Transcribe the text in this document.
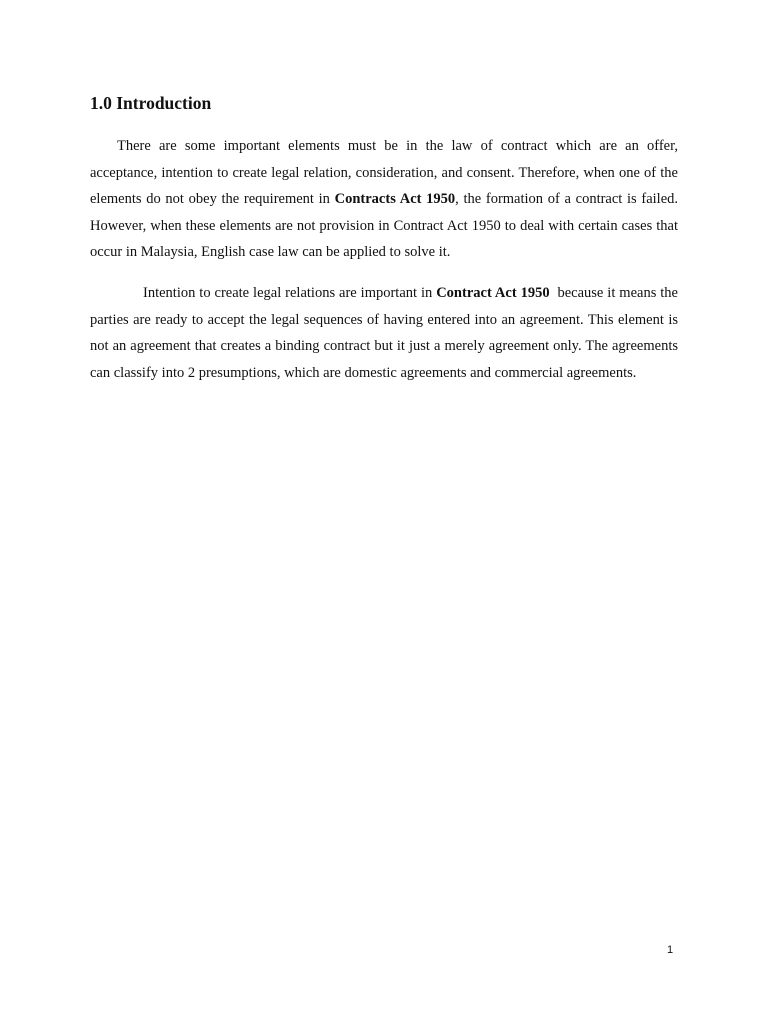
1.0 Introduction

There are some important elements must be in the law of contract which are an offer, acceptance, intention to create legal relation, consideration, and consent. Therefore, when one of the elements do not obey the requirement in Contracts Act 1950, the formation of a contract is failed. However, when these elements are not provision in Contract Act 1950 to deal with certain cases that occur in Malaysia, English case law can be applied to solve it.

Intention to create legal relations are important in Contract Act 1950  because it means the parties are ready to accept the legal sequences of having entered into an agreement. This element is not an agreement that creates a binding contract but it just a merely agreement only. The agreements can classify into 2 presumptions, which are domestic agreements and commercial agreements.

1
